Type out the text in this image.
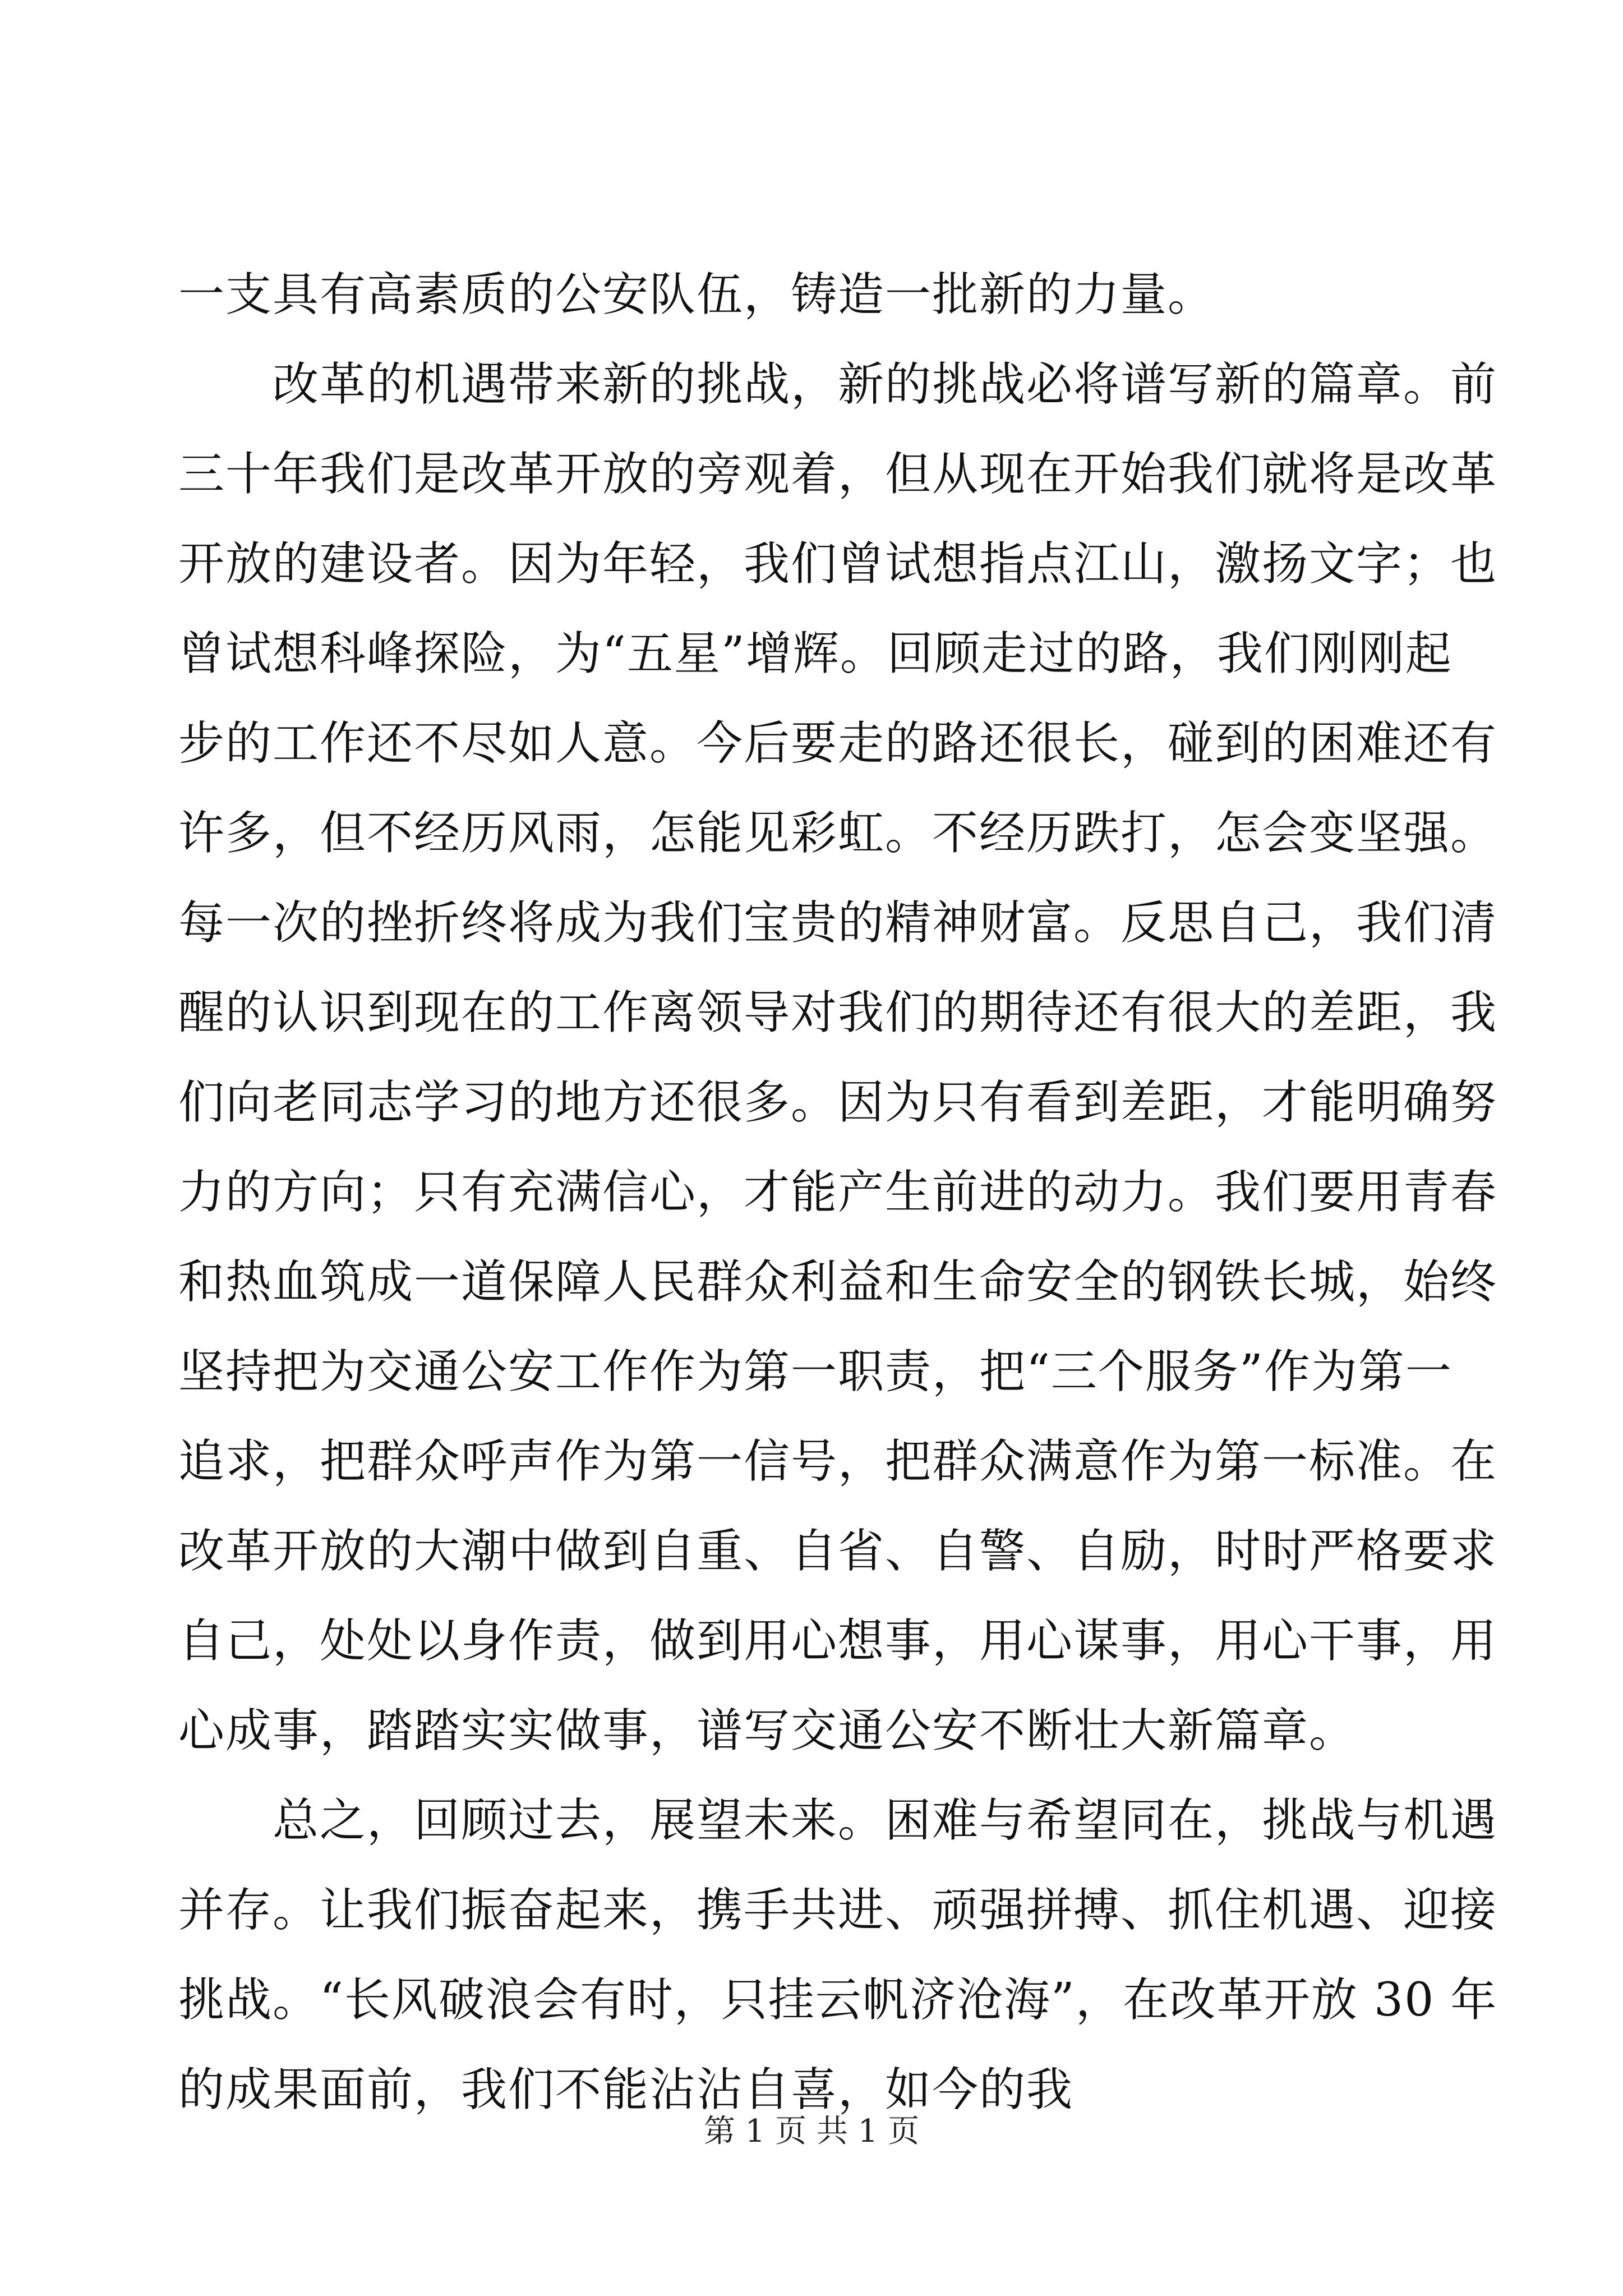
一支具有高素质的公安队伍，铸造一批新的力量。
　　改革的机遇带来新的挑战，新的挑战必将谱写新的篇章。前
三十年我们是改革开放的旁观着，但从现在开始我们就将是改革
开放的建设者。因为年轻，我们曾试想指点江山，激扬文字；也
曾试想科峰探险，为“五星”增辉。回顾走过的路，我们刚刚起
步的工作还不尽如人意。今后要走的路还很长，碰到的困难还有
许多，但不经历风雨，怎能见彩虹。不经历跌打，怎会变坚强。
每一次的挫折终将成为我们宝贵的精神财富。反思自己，我们清
醒的认识到现在的工作离领导对我们的期待还有很大的差距，我
们向老同志学习的地方还很多。因为只有看到差距，才能明确努
力的方向；只有充满信心，才能产生前进的动力。我们要用青春
和热血筑成一道保障人民群众利益和生命安全的钢铁长城，始终
坚持把为交通公安工作作为第一职责，把“三个服务”作为第一
追求，把群众呼声作为第一信号，把群众满意作为第一标准。在
改革开放的大潮中做到自重、自省、自警、自励，时时严格要求
自己，处处以身作责，做到用心想事，用心谋事，用心干事，用
心成事，踏踏实实做事，谱写交通公安不断壮大新篇章。
　　总之，回顾过去，展望未来。困难与希望同在，挑战与机遇
并存。让我们振奋起来，携手共进、顽强拼搏、抓住机遇、迎接
挑战。“长风破浪会有时，只挂云帆济沧海”，在改革开放 30 年
的成果面前，我们不能沾沾自喜，如今的我
第 1 页 共 1 页
